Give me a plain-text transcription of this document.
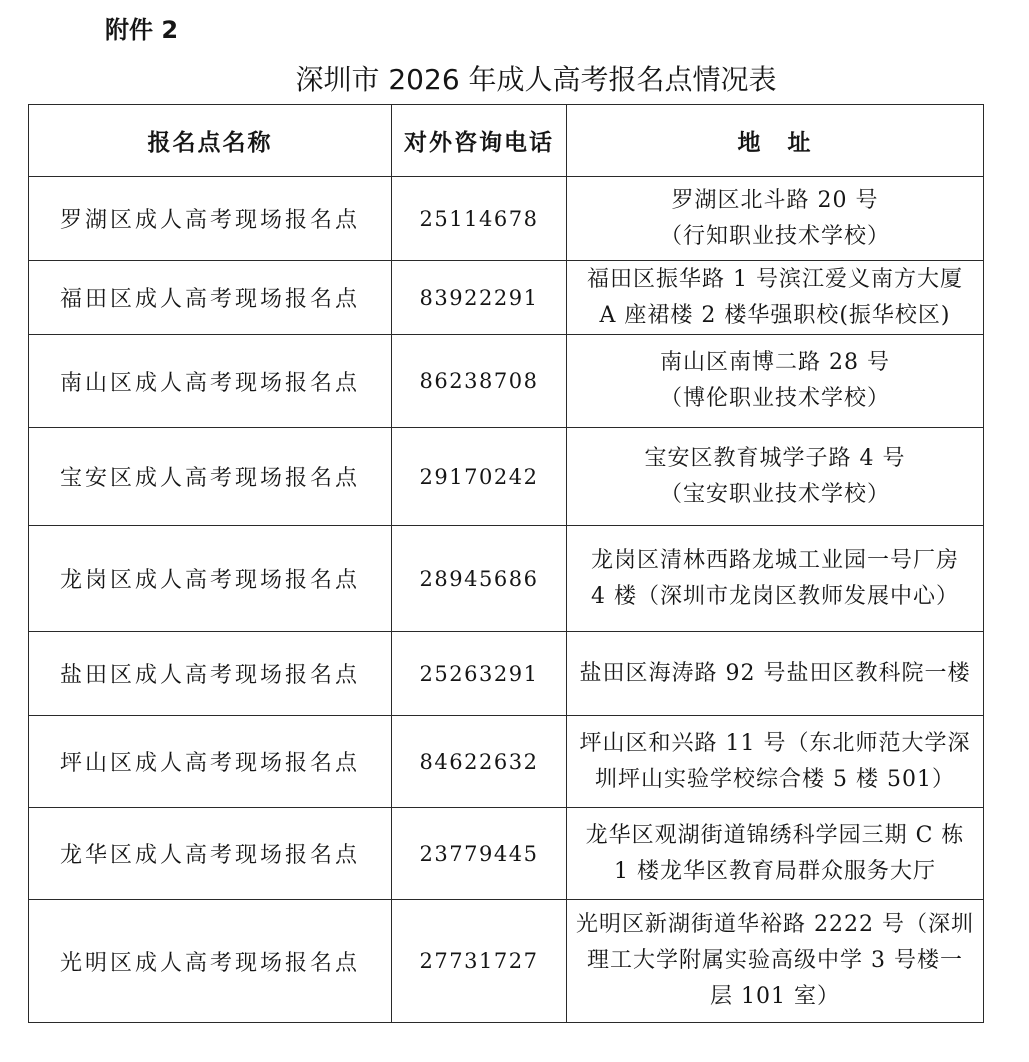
附件 2
深圳市 2026 年成人高考报名点情况表
报名点名称	对外咨询电话	地　址
罗湖区成人高考现场报名点	25114678	罗湖区北斗路 20 号
（行知职业技术学校）

福田区成人高考现场报名点	83922291	福田区振华路 1 号滨江爱义南方大厦
A 座裙楼 2 楼华强职校(振华校区)

南山区成人高考现场报名点	86238708	南山区南博二路 28 号
（博伦职业技术学校）

宝安区成人高考现场报名点	29170242	宝安区教育城学子路 4 号
（宝安职业技术学校）

龙岗区成人高考现场报名点	28945686	龙岗区清林西路龙城工业园一号厂房
4 楼（深圳市龙岗区教师发展中心）

盐田区成人高考现场报名点	25263291	盐田区海涛路 92 号盐田区教科院一楼

坪山区成人高考现场报名点	84622632	坪山区和兴路 11 号（东北师范大学深
圳坪山实验学校综合楼 5 楼 501）

龙华区成人高考现场报名点	23779445	龙华区观湖街道锦绣科学园三期 C 栋
1 楼龙华区教育局群众服务大厅

光明区成人高考现场报名点	27731727	光明区新湖街道华裕路 2222 号（深圳
理工大学附属实验高级中学 3 号楼一
层 101 室）
